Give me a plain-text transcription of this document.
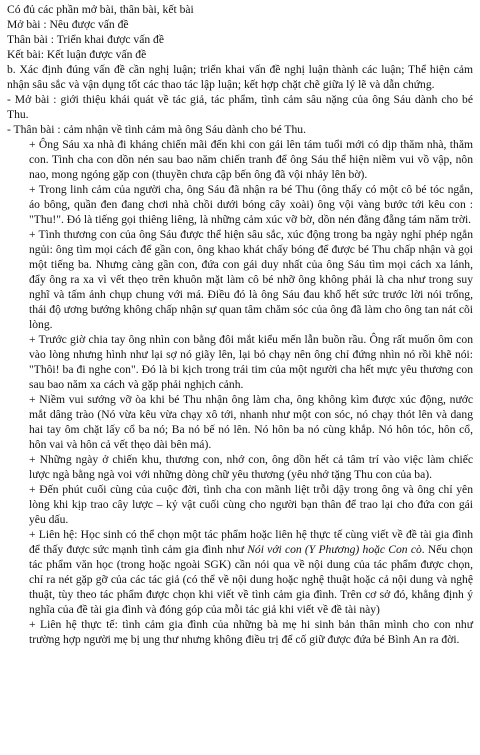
Có đủ các phần mở bài, thân bài, kết bài

Mở bài : Nêu được vấn đề

Thân bài : Triển khai được vấn đề

Kết bài: Kết luận được vấn đề

b. Xác định đúng vấn đề cần nghị luận; triển khai vấn đề nghị luận thành các luận; Thể hiện cảm nhận sâu sắc và vận dụng tốt các thao tác lập luận; kết hợp chặt chẽ giữa lý lẽ và dẫn chứng.

- Mở bài : giới thiệu khái quát về tác giả, tác phẩm, tình cảm sâu nặng của ông Sáu dành cho bé Thu.

- Thân bài : cảm nhận về tình cảm mà ông Sáu dành cho bé Thu.

+ Ông Sáu xa nhà đi kháng chiến mãi đến khi con gái lên tám tuổi mới có dịp thăm nhà, thăm con. Tình cha con dồn nén sau bao năm chiến tranh để ông Sáu thể hiện niềm vui vồ vập, nôn nao, mong ngóng gặp con (thuyền chưa cập bến ông đã vội nhảy lên bờ).

+ Trong linh cảm của người cha, ông Sáu đã nhận ra bé Thu (ông thấy có một cô bé tóc ngắn, áo bông, quần đen đang chơi nhà chồi dưới bóng cây xoài) ông vội vàng bước tới kêu con : "Thu!". Đó là tiếng gọi thiêng liêng, là những cảm xúc vỡ bờ, dồn nén đằng đẵng tám năm trời.

+ Tình thương con của ông Sáu được thể hiện sâu sắc, xúc động trong ba ngày nghỉ phép ngắn ngủi: ông tìm mọi cách để gần con, ông khao khát chấy bóng để được bé Thu chấp nhận và gọi một tiếng ba. Nhưng càng gần con, đứa con gái duy nhất của ông Sáu tìm mọi cách xa lánh, đẩy ông ra xa vì vết thẹo trên khuôn mặt làm cô bé nhỡ ông không phải là cha như trong suy nghĩ và tấm ảnh chụp chung với má. Điều đó là ông Sáu đau khổ hết sức trước lời nói trống, thái độ ương bướng không chấp nhận sự quan tâm chăm sóc của ông đã làm cho ông tan nát cõi lòng.

+ Trước giờ chia tay ông nhìn con bằng đôi mắt kiểu mến lẫn buồn rầu. Ông rất muốn ôm con vào lòng nhưng hình như lại sợ nó giãy lên, lại bỏ chạy nên ông chỉ đứng nhìn nó rồi khẽ nói: "Thôi! ba đi nghe con". Đó là bi kịch trong trái tim của một người cha hết mực yêu thương con sau bao năm xa cách và gặp phải nghịch cảnh.

+ Niềm vui sướng vỡ òa khi bé Thu nhận ông làm cha, ông không kìm được xúc động, nước mắt dâng trào (Nó vừa kêu vừa chạy xô tới, nhanh như một con sóc, nó chạy thót lên và dang hai tay ôm chặt lấy cổ ba nó; Ba nó bế nó lên. Nó hôn ba nó cùng khắp. Nó hôn tóc, hôn cổ, hôn vai và hôn cả vết thẹo dài bên má).

+ Những ngày ở chiến khu, thương con, nhớ con, ông dồn hết cả tâm trí vào việc làm chiếc lược ngà bằng ngà voi với những dòng chữ yêu thương (yêu nhớ tặng Thu con của ba).

+ Đến phút cuối cùng của cuộc đời, tình cha con mãnh liệt trỗi dậy trong ông và ông chỉ yên lòng khi kịp trao cây lược – kỷ vật cuối cùng cho người bạn thân để trao lại cho đứa con gái yêu dấu.

+ Liên hệ: Học sinh có thể chọn một tác phẩm hoặc liên hệ thực tế cùng viết về đề tài gia đình để thấy được sức mạnh tình cảm gia đình như Nói với con (Y Phương) hoặc Con cò. Nếu chọn tác phẩm văn học (trong hoặc ngoài SGK) cần nói qua về nội dung của tác phẩm được chọn, chỉ ra nét gặp gỡ của các tác giả (có thể về nội dung hoặc nghệ thuật hoặc cả nội dung và nghệ thuật, tùy theo tác phẩm được chọn khi viết về tình cảm gia đình. Trên cơ sở đó, khẳng định ý nghĩa của đề tài gia đình và đóng góp của mỗi tác giả khi viết về đề tài này)

+ Liên hệ thực tế: tình cảm gia đình của những bà mẹ hi sinh bản thân mình cho con như trường hợp người mẹ bị ung thư nhưng không điều trị để cố giữ được đứa bé Bình An ra đời.
